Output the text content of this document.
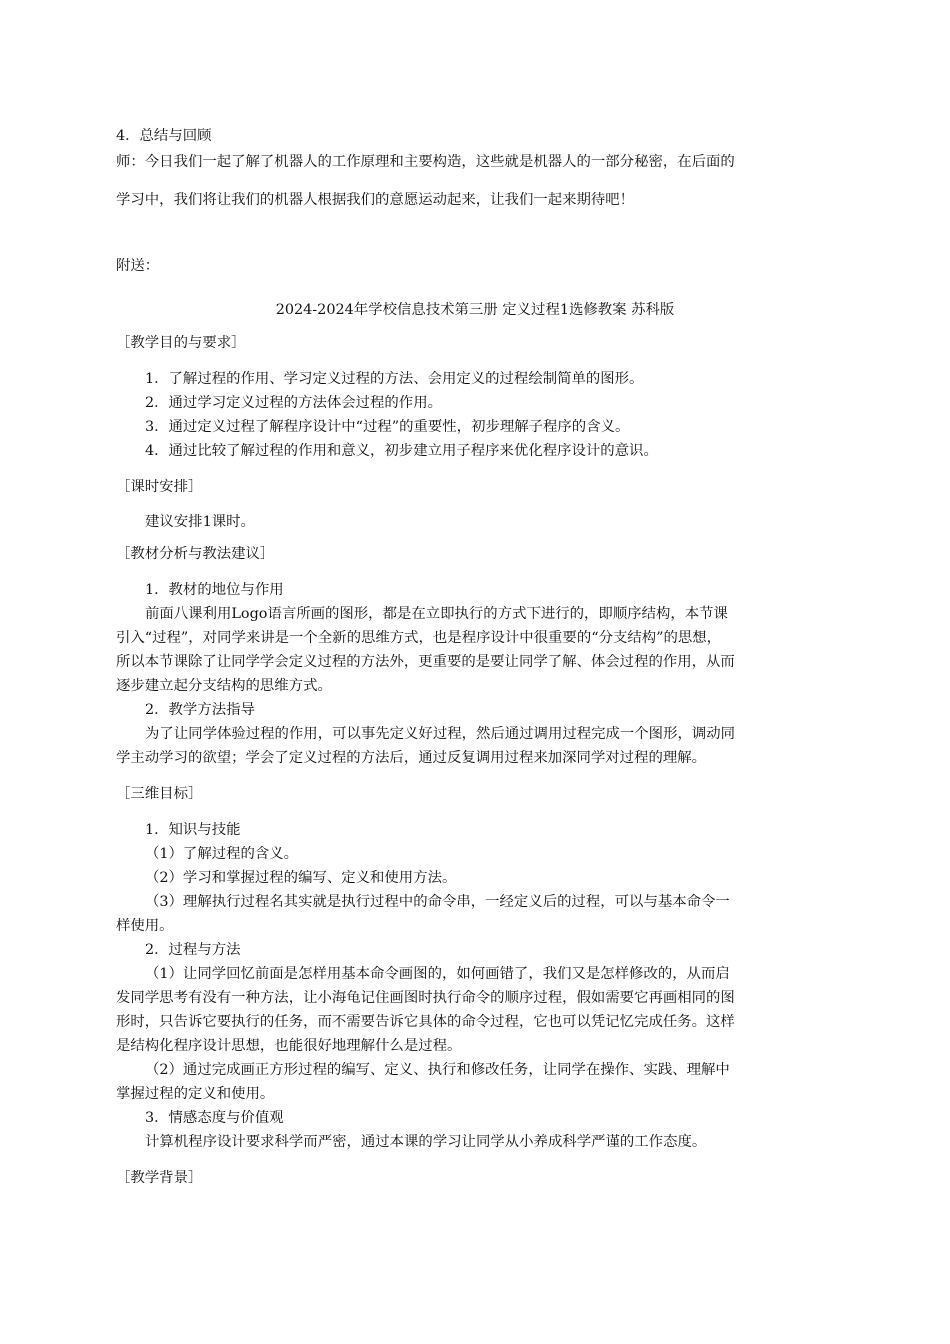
4．总结与回顾
师：今日我们一起了解了机器人的工作原理和主要构造，这些就是机器人的一部分秘密，在后面的
学习中，我们将让我们的机器人根据我们的意愿运动起来，让我们一起来期待吧！
附送：
2024-2024年学校信息技术第三册 定义过程1选修教案 苏科版
［教学目的与要求］
1．了解过程的作用、学习定义过程的方法、会用定义的过程绘制简单的图形。
2．通过学习定义过程的方法体会过程的作用。
3．通过定义过程了解程序设计中“过程”的重要性，初步理解子程序的含义。
4．通过比较了解过程的作用和意义，初步建立用子程序来优化程序设计的意识。
［课时安排］
建议安排1课时。
［教材分析与教法建议］
1．教材的地位与作用
前面八课利用Logo语言所画的图形，都是在立即执行的方式下进行的，即顺序结构，本节课
引入“过程”，对同学来讲是一个全新的思维方式，也是程序设计中很重要的“分支结构”的思想，
所以本节课除了让同学学会定义过程的方法外，更重要的是要让同学了解、体会过程的作用，从而
逐步建立起分支结构的思维方式。
2．教学方法指导
为了让同学体验过程的作用，可以事先定义好过程，然后通过调用过程完成一个图形，调动同
学主动学习的欲望；学会了定义过程的方法后，通过反复调用过程来加深同学对过程的理解。
［三维目标］
1．知识与技能
（1）了解过程的含义。
（2）学习和掌握过程的编写、定义和使用方法。
（3）理解执行过程名其实就是执行过程中的命令串，一经定义后的过程，可以与基本命令一
样使用。
2．过程与方法
（1）让同学回忆前面是怎样用基本命令画图的，如何画错了，我们又是怎样修改的，从而启
发同学思考有没有一种方法，让小海龟记住画图时执行命令的顺序过程，假如需要它再画相同的图
形时，只告诉它要执行的任务，而不需要告诉它具体的命令过程，它也可以凭记忆完成任务。这样
是结构化程序设计思想，也能很好地理解什么是过程。
（2）通过完成画正方形过程的编写、定义、执行和修改任务，让同学在操作、实践、理解中
掌握过程的定义和使用。
3．情感态度与价值观
计算机程序设计要求科学而严密，通过本课的学习让同学从小养成科学严谨的工作态度。
［教学背景］
